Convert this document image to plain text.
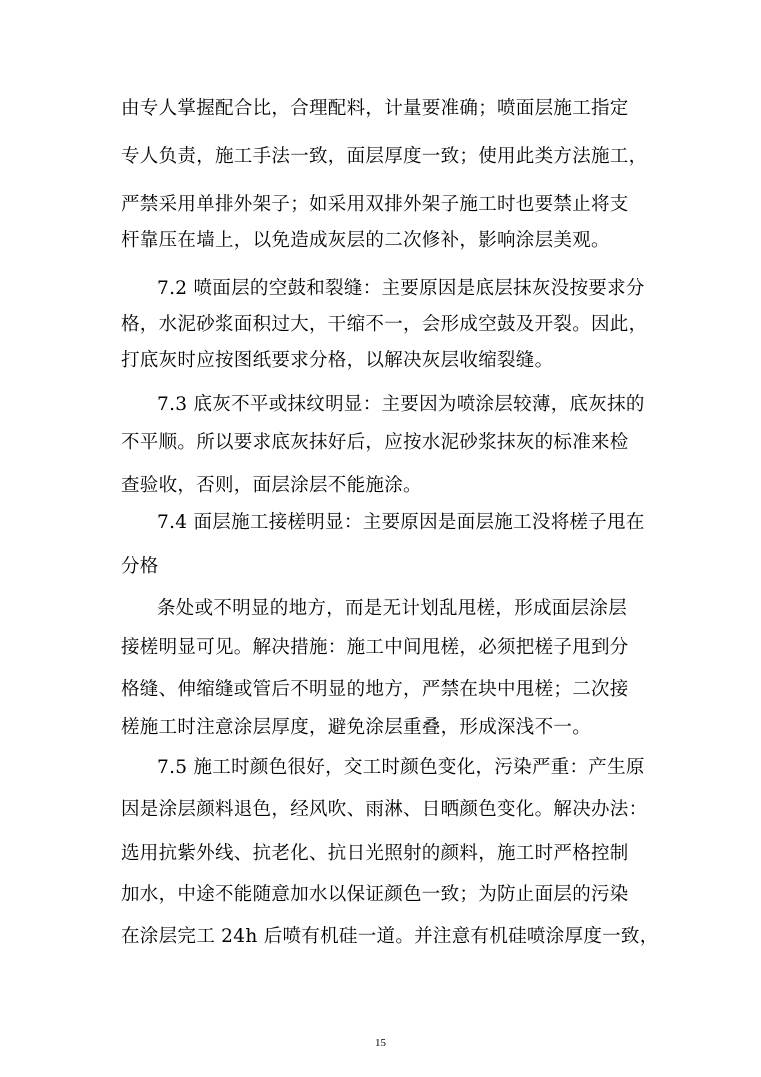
由专人掌握配合比，合理配料，计量要准确；喷面层施工指定
专人负责，施工手法一致，面层厚度一致；使用此类方法施工，
严禁采用单排外架子；如采用双排外架子施工时也要禁止将支
杆靠压在墙上，以免造成灰层的二次修补，影响涂层美观。
7.2 喷面层的空鼓和裂缝：主要原因是底层抹灰没按要求分
格，水泥砂浆面积过大，干缩不一，会形成空鼓及开裂。因此，
打底灰时应按图纸要求分格，以解决灰层收缩裂缝。
7.3 底灰不平或抹纹明显：主要因为喷涂层较薄，底灰抹的
不平顺。所以要求底灰抹好后，应按水泥砂浆抹灰的标准来检
查验收，否则，面层涂层不能施涂。
7.4 面层施工接槎明显：主要原因是面层施工没将槎子甩在
分格
条处或不明显的地方，而是无计划乱甩槎，形成面层涂层
接槎明显可见。解决措施：施工中间甩槎，必须把槎子甩到分
格缝、伸缩缝或管后不明显的地方，严禁在块中甩槎；二次接
槎施工时注意涂层厚度，避免涂层重叠，形成深浅不一。
7.5 施工时颜色很好，交工时颜色变化，污染严重：产生原
因是涂层颜料退色，经风吹、雨淋、日晒颜色变化。解决办法：
选用抗紫外线、抗老化、抗日光照射的颜料，施工时严格控制
加水，中途不能随意加水以保证颜色一致；为防止面层的污染
在涂层完工 24h 后喷有机硅一道。并注意有机硅喷涂厚度一致，
15
